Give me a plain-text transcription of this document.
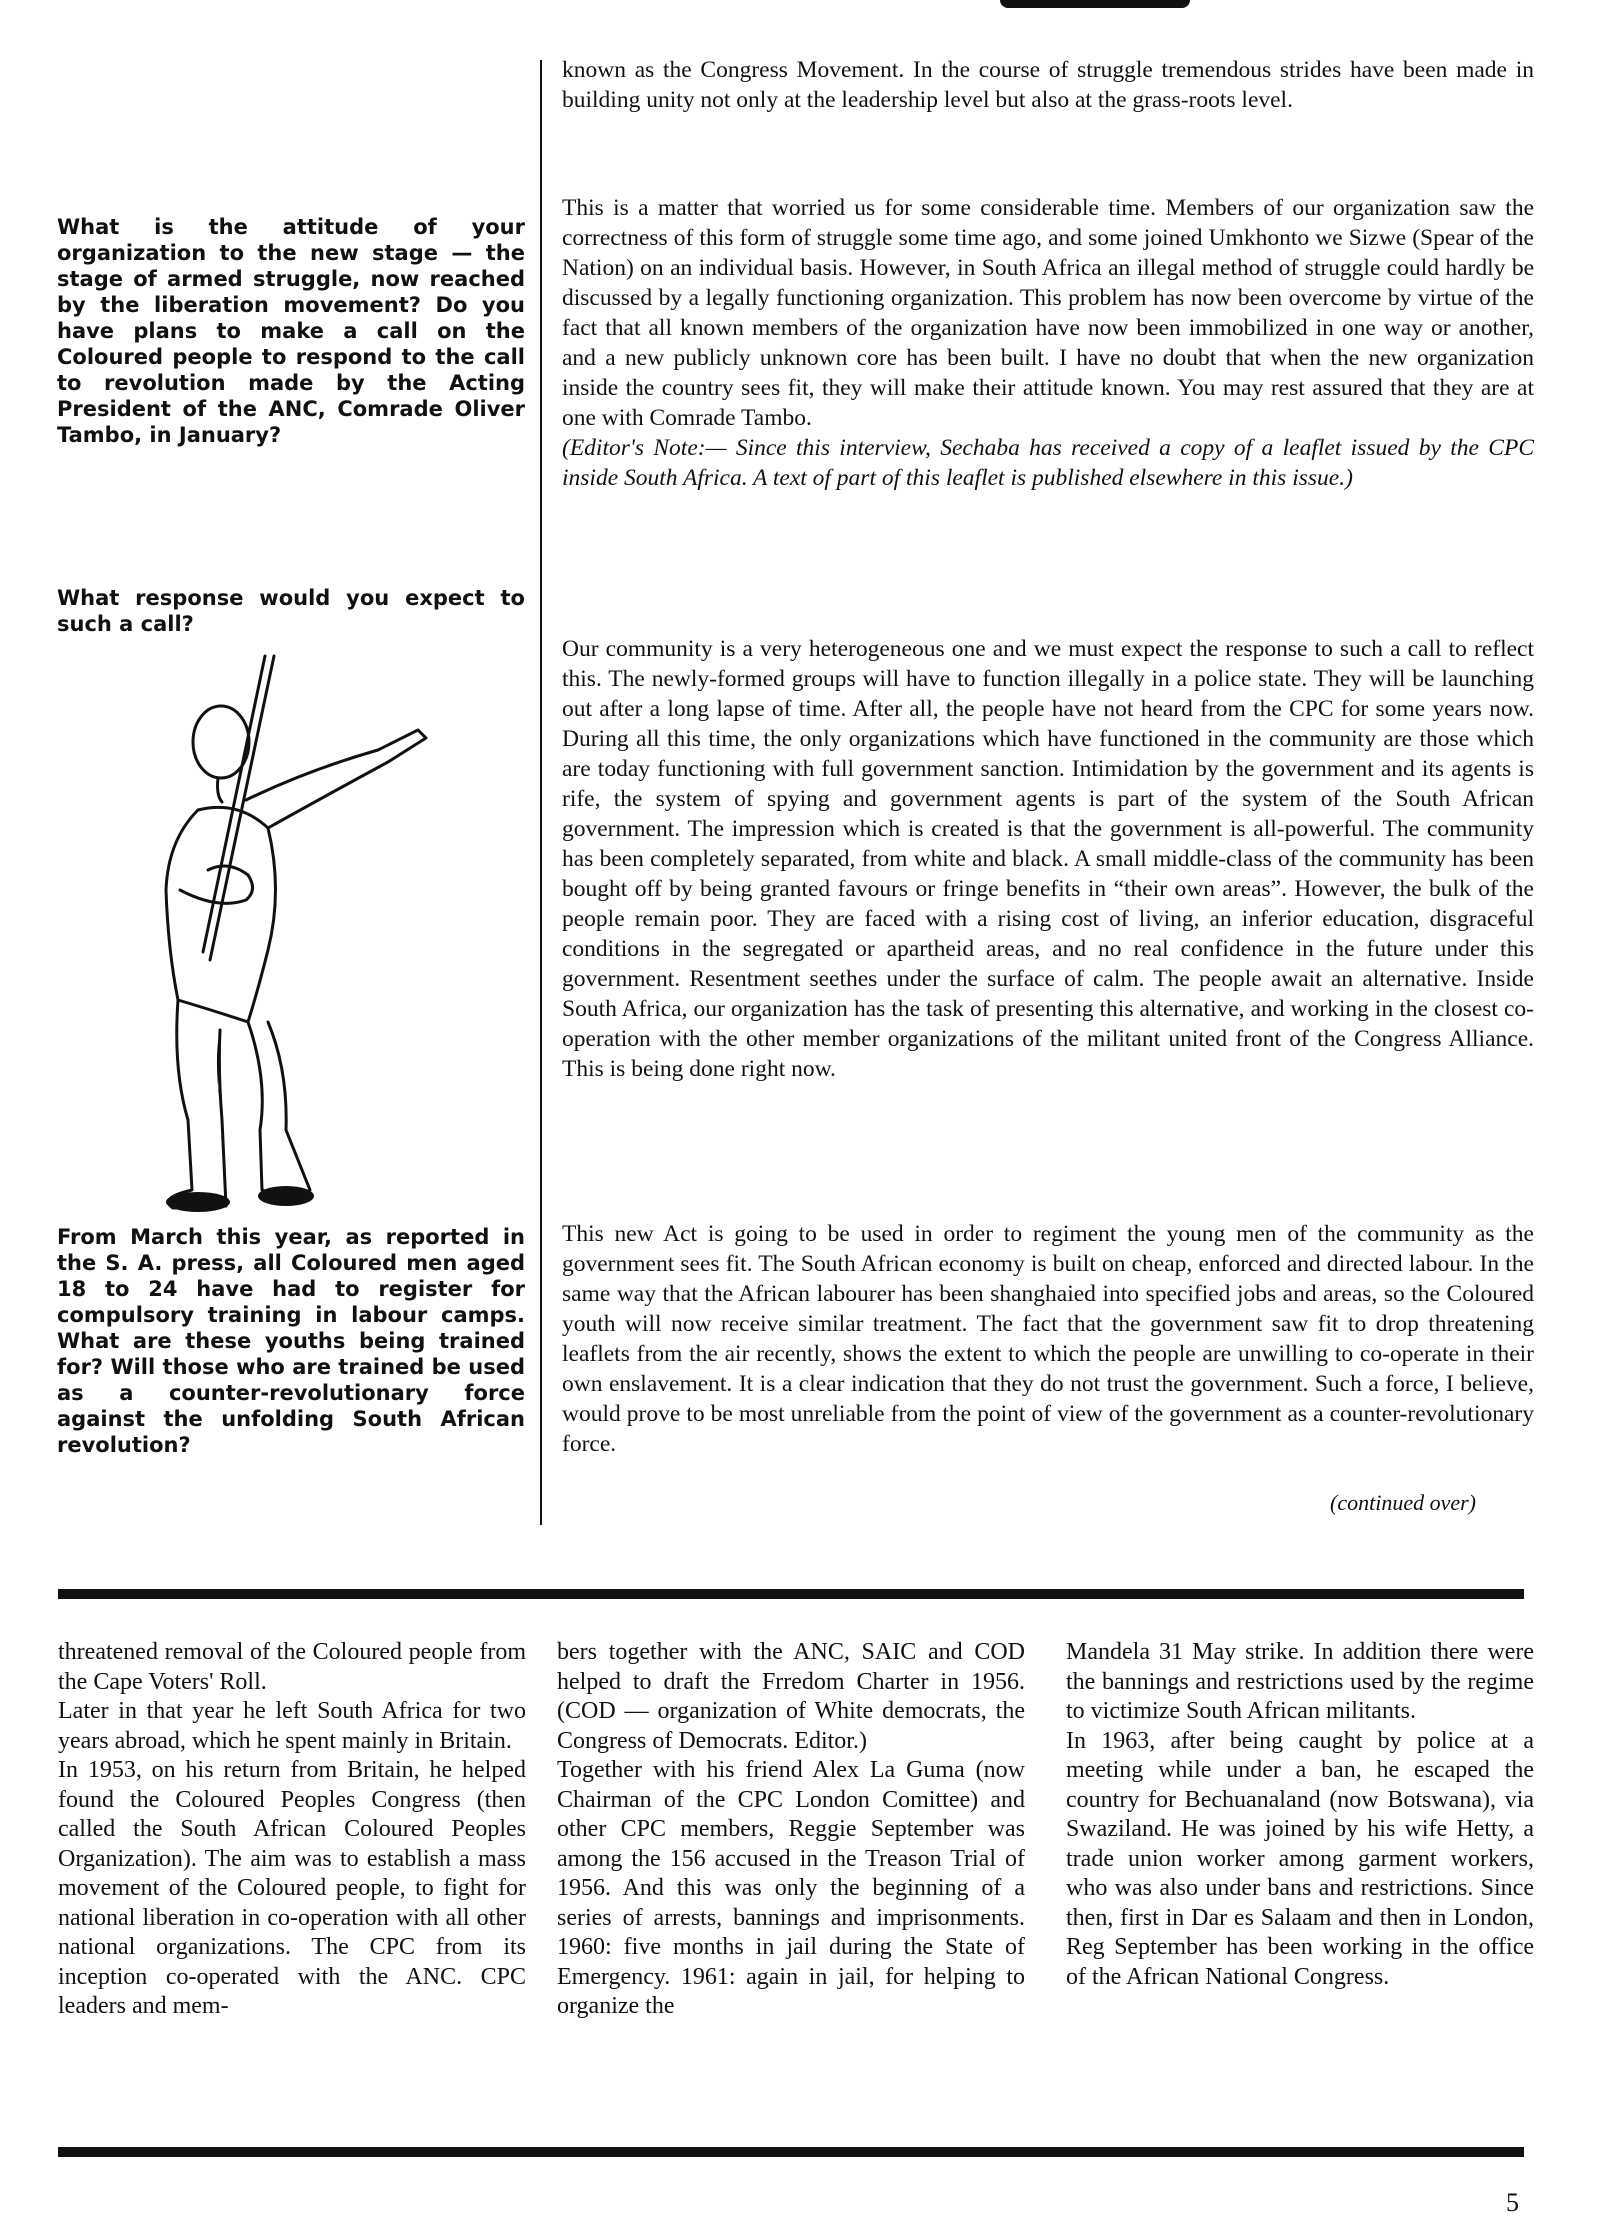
known as the Congress Movement. In the course of struggle tremendous strides have been made in building unity not only at the leadership level but also at the grass-roots level.

What is the attitude of your organization to the new stage — the stage of armed struggle, now reached by the liberation movement? Do you have plans to make a call on the Coloured people to respond to the call to revolution made by the Acting President of the ANC, Comrade Oliver Tambo, in January?

This is a matter that worried us for some considerable time. Members of our organization saw the correctness of this form of struggle some time ago, and some joined Umkhonto we Sizwe (Spear of the Nation) on an individual basis. However, in South Africa an illegal method of struggle could hardly be discussed by a legally functioning organization. This problem has now been overcome by virtue of the fact that all known members of the organization have now been immobilized in one way or another, and a new publicly unknown core has been built. I have no doubt that when the new organization inside the country sees fit, they will make their attitude known. You may rest assured that they are at one with Comrade Tambo.

(Editor's Note:— Since this interview, Sechaba has received a copy of a leaflet issued by the CPC inside South Africa. A text of part of this leaflet is published elsewhere in this issue.)

What response would you expect to such a call?

Our community is a very heterogeneous one and we must expect the response to such a call to reflect this. The newly-formed groups will have to function illegally in a police state. They will be launching out after a long lapse of time. After all, the people have not heard from the CPC for some years now. During all this time, the only organizations which have functioned in the community are those which are today functioning with full government sanction. Intimidation by the government and its agents is rife, the system of spying and government agents is part of the system of the South African government. The impression which is created is that the government is all-powerful. The community has been completely separated, from white and black. A small middle-class of the community has been bought off by being granted favours or fringe benefits in “their own areas”. However, the bulk of the people remain poor. They are faced with a rising cost of living, an inferior education, disgraceful conditions in the segregated or apartheid areas, and no real confidence in the future under this government. Resentment seethes under the surface of calm. The people await an alternative. Inside South Africa, our organization has the task of presenting this alternative, and working in the closest co-operation with the other member organizations of the militant united front of the Congress Alliance. This is being done right now.

From March this year, as reported in the S. A. press, all Coloured men aged 18 to 24 have had to register for compulsory training in labour camps. What are these youths being trained for? Will those who are trained be used as a counter-revolutionary force against the unfolding South African revolution?

This new Act is going to be used in order to regiment the young men of the community as the government sees fit. The South African economy is built on cheap, enforced and directed labour. In the same way that the African labourer has been shanghaied into specified jobs and areas, so the Coloured youth will now receive similar treatment. The fact that the government saw fit to drop threatening leaflets from the air recently, shows the extent to which the people are unwilling to co-operate in their own enslavement. It is a clear indication that they do not trust the government. Such a force, I believe, would prove to be most unreliable from the point of view of the government as a counter-revolutionary force.

(continued over)

threatened removal of the Coloured people from the Cape Voters' Roll.

Later in that year he left South Africa for two years abroad, which he spent mainly in Britain.

In 1953, on his return from Britain, he helped found the Coloured Peoples Congress (then called the South African Coloured Peoples Organization). The aim was to establish a mass movement of the Coloured people, to fight for national liberation in co-operation with all other national organizations. The CPC from its inception co-operated with the ANC. CPC leaders and mem-

bers together with the ANC, SAIC and COD helped to draft the Frredom Charter in 1956. (COD — organization of White democrats, the Congress of Democrats. Editor.)

Together with his friend Alex La Guma (now Chairman of the CPC London Comittee) and other CPC members, Reggie September was among the 156 accused in the Treason Trial of 1956. And this was only the beginning of a series of arrests, bannings and imprisonments. 1960: five months in jail during the State of Emergency. 1961: again in jail, for helping to organize the

Mandela 31 May strike. In addition there were the bannings and restrictions used by the regime to victimize South African militants.

In 1963, after being caught by police at a meeting while under a ban, he escaped the country for Bechuanaland (now Botswana), via Swaziland. He was joined by his wife Hetty, a trade union worker among garment workers, who was also under bans and restrictions. Since then, first in Dar es Salaam and then in London, Reg September has been working in the office of the African National Congress.

5
